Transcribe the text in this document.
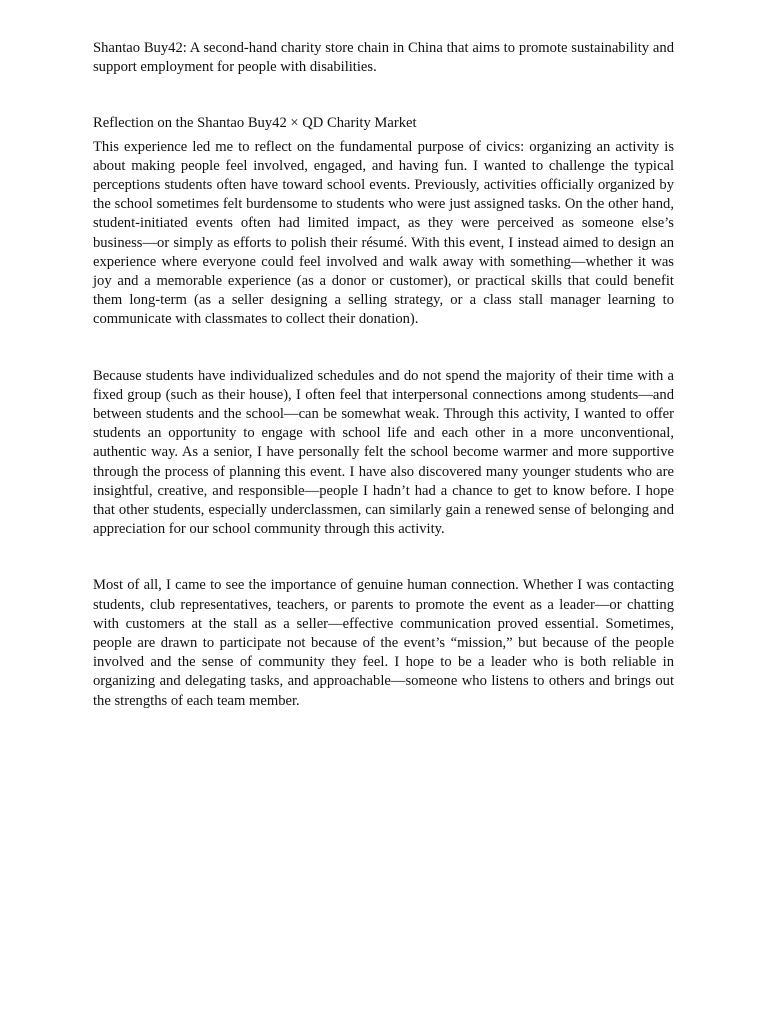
Shantao Buy42: A second-hand charity store chain in China that aims to promote sustainability and support employment for people with disabilities.

Reflection on the Shantao Buy42 × QD Charity Market

This experience led me to reflect on the fundamental purpose of civics: organizing an activity is about making people feel involved, engaged, and having fun. I wanted to challenge the typical perceptions students often have toward school events. Previously, activities officially organized by the school sometimes felt burdensome to students who were just assigned tasks. On the other hand, student-initiated events often had limited impact, as they were perceived as someone else’s business—or simply as efforts to polish their résumé. With this event, I instead aimed to design an experience where everyone could feel involved and walk away with something—whether it was joy and a memorable experience (as a donor or customer), or practical skills that could benefit them long-term (as a seller designing a selling strategy, or a class stall manager learning to communicate with classmates to collect their donation).

Because students have individualized schedules and do not spend the majority of their time with a fixed group (such as their house), I often feel that interpersonal connections among students—and between students and the school—can be somewhat weak. Through this activity, I wanted to offer students an opportunity to engage with school life and each other in a more unconventional, authentic way. As a senior, I have personally felt the school become warmer and more supportive through the process of planning this event. I have also discovered many younger students who are insightful, creative, and responsible—people I hadn’t had a chance to get to know before. I hope that other students, especially underclassmen, can similarly gain a renewed sense of belonging and appreciation for our school community through this activity.

Most of all, I came to see the importance of genuine human connection. Whether I was contacting students, club representatives, teachers, or parents to promote the event as a leader—or chatting with customers at the stall as a seller—effective communication proved essential. Sometimes, people are drawn to participate not because of the event’s “mission,” but because of the people involved and the sense of community they feel. I hope to be a leader who is both reliable in organizing and delegating tasks, and approachable—someone who listens to others and brings out the strengths of each team member.
